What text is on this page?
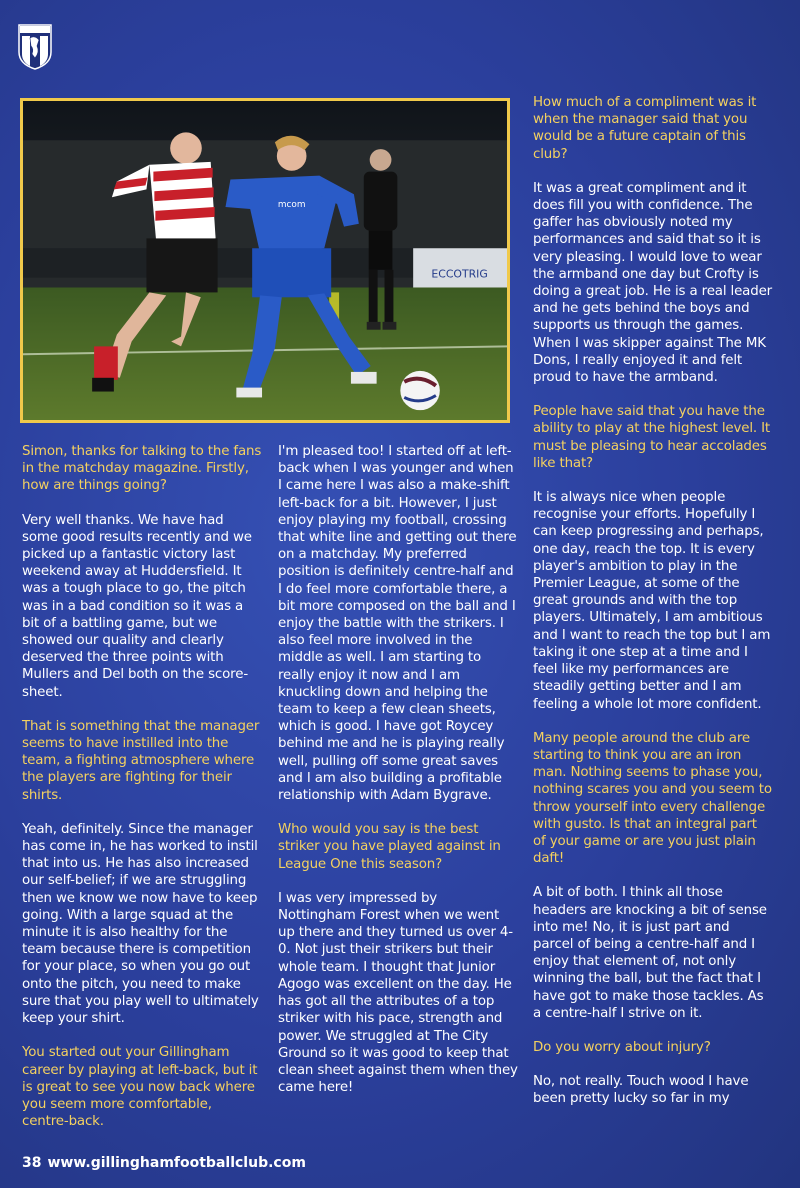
ECCOTRIG
mcom

Simon, thanks for talking to the fans in the matchday magazine. Firstly, how are things going?

Very well thanks. We have had some good results recently and we picked up a fantastic victory last weekend away at Huddersfield. It was a tough place to go, the pitch was in a bad condition so it was a bit of a battling game, but we showed our quality and clearly deserved the three points with Mullers and Del both on the score-sheet.

That is something that the manager seems to have instilled into the team, a fighting atmosphere where the players are fighting for their shirts.

Yeah, definitely. Since the manager has come in, he has worked to instil that into us. He has also increased our self-belief; if we are struggling then we know we now have to keep going. With a large squad at the minute it is also healthy for the team because there is competition for your place, so when you go out onto the pitch, you need to make sure that you play well to ultimately keep your shirt.

You started out your Gillingham career by playing at left-back, but it is great to see you now back where you seem more comfortable, centre-back.

I'm pleased too! I started off at left-back when I was younger and when I came here I was also a make-shift left-back for a bit. However, I just enjoy playing my football, crossing that white line and getting out there on a matchday. My preferred position is definitely centre-half and I do feel more comfortable there, a bit more composed on the ball and I enjoy the battle with the strikers. I also feel more involved in the middle as well. I am starting to really enjoy it now and I am knuckling down and helping the team to keep a few clean sheets, which is good. I have got Roycey behind me and he is playing really well, pulling off some great saves and I am also building a profitable relationship with Adam Bygrave.

Who would you say is the best striker you have played against in League One this season?

I was very impressed by Nottingham Forest when we went up there and they turned us over 4-0. Not just their strikers but their whole team. I thought that Junior Agogo was excellent on the day. He has got all the attributes of a top striker with his pace, strength and power. We struggled at The City Ground so it was good to keep that clean sheet against them when they came here!

How much of a compliment was it when the manager said that you would be a future captain of this club?

It was a great compliment and it does fill you with confidence. The gaffer has obviously noted my performances and said that so it is very pleasing. I would love to wear the armband one day but Crofty is doing a great job. He is a real leader and he gets behind the boys and supports us through the games. When I was skipper against The MK Dons, I really enjoyed it and felt proud to have the armband.

People have said that you have the ability to play at the highest level. It must be pleasing to hear accolades like that?

It is always nice when people recognise your efforts. Hopefully I can keep progressing and perhaps, one day, reach the top. It is every player's ambition to play in the Premier League, at some of the great grounds and with the top players. Ultimately, I am ambitious and I want to reach the top but I am taking it one step at a time and I feel like my performances are steadily getting better and I am feeling a whole lot more confident.

Many people around the club are starting to think you are an iron man. Nothing seems to phase you, nothing scares you and you seem to throw yourself into every challenge with gusto. Is that an integral part of your game or are you just plain daft!

A bit of both. I think all those headers are knocking a bit of sense into me! No, it is just part and parcel of being a centre-half and I enjoy that element of, not only winning the ball, but the fact that I have got to make those tackles. As a centre-half I strive on it.

Do you worry about injury?

No, not really. Touch wood I have been pretty lucky so far in my

38 www.gillinghamfootballclub.com
